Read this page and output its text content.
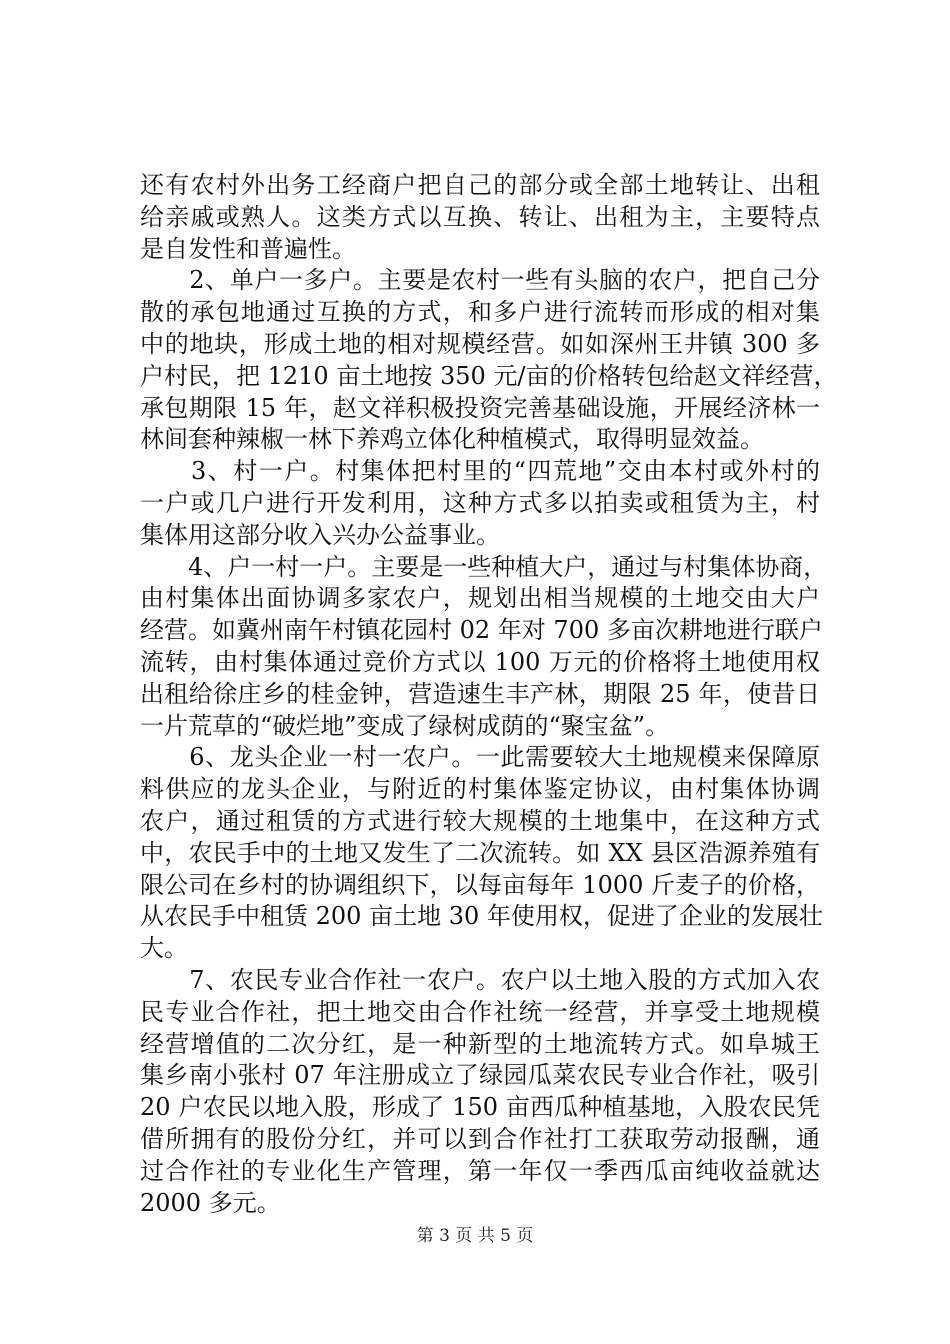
还有农村外出务工经商户把自己的部分或全部土地转让、出租
给亲戚或熟人。这类方式以互换、转让、出租为主，主要特点
是自发性和普遍性。
　　2、单户一多户。主要是农村一些有头脑的农户，把自己分
散的承包地通过互换的方式，和多户进行流转而形成的相对集
中的地块，形成土地的相对规模经营。如如深州王井镇 300 多
户村民，把 1210 亩土地按 350 元/亩的价格转包给赵文祥经营，
承包期限 15 年，赵文祥积极投资完善基础设施，开展经济林一
林间套种辣椒一林下养鸡立体化种植模式，取得明显效益。
　　3、村一户。村集体把村里的“四荒地”交由本村或外村的
一户或几户进行开发利用，这种方式多以拍卖或租赁为主，村
集体用这部分收入兴办公益事业。
　　4、户一村一户。主要是一些种植大户，通过与村集体协商，
由村集体出面协调多家农户，规划出相当规模的土地交由大户
经营。如冀州南午村镇花园村 02 年对 700 多亩次耕地进行联户
流转，由村集体通过竞价方式以 100 万元的价格将土地使用权
出租给徐庄乡的桂金钟，营造速生丰产林，期限 25 年，使昔日
一片荒草的“破烂地”变成了绿树成荫的“聚宝盆”。
　　6、龙头企业一村一农户。一此需要较大土地规模来保障原
料供应的龙头企业，与附近的村集体鉴定协议，由村集体协调
农户，通过租赁的方式进行较大规模的土地集中，在这种方式
中，农民手中的土地又发生了二次流转。如 XX 县区浩源养殖有
限公司在乡村的协调组织下，以每亩每年 1000 斤麦子的价格，
从农民手中租赁 200 亩土地 30 年使用权，促进了企业的发展壮
大。
　　7、农民专业合作社一农户。农户以土地入股的方式加入农
民专业合作社，把土地交由合作社统一经营，并享受土地规模
经营增值的二次分红，是一种新型的土地流转方式。如阜城王
集乡南小张村 07 年注册成立了绿园瓜菜农民专业合作社，吸引
20 户农民以地入股，形成了 150 亩西瓜种植基地，入股农民凭
借所拥有的股份分红，并可以到合作社打工获取劳动报酬，通
过合作社的专业化生产管理，第一年仅一季西瓜亩纯收益就达
2000 多元。
第 3 页 共 5 页
